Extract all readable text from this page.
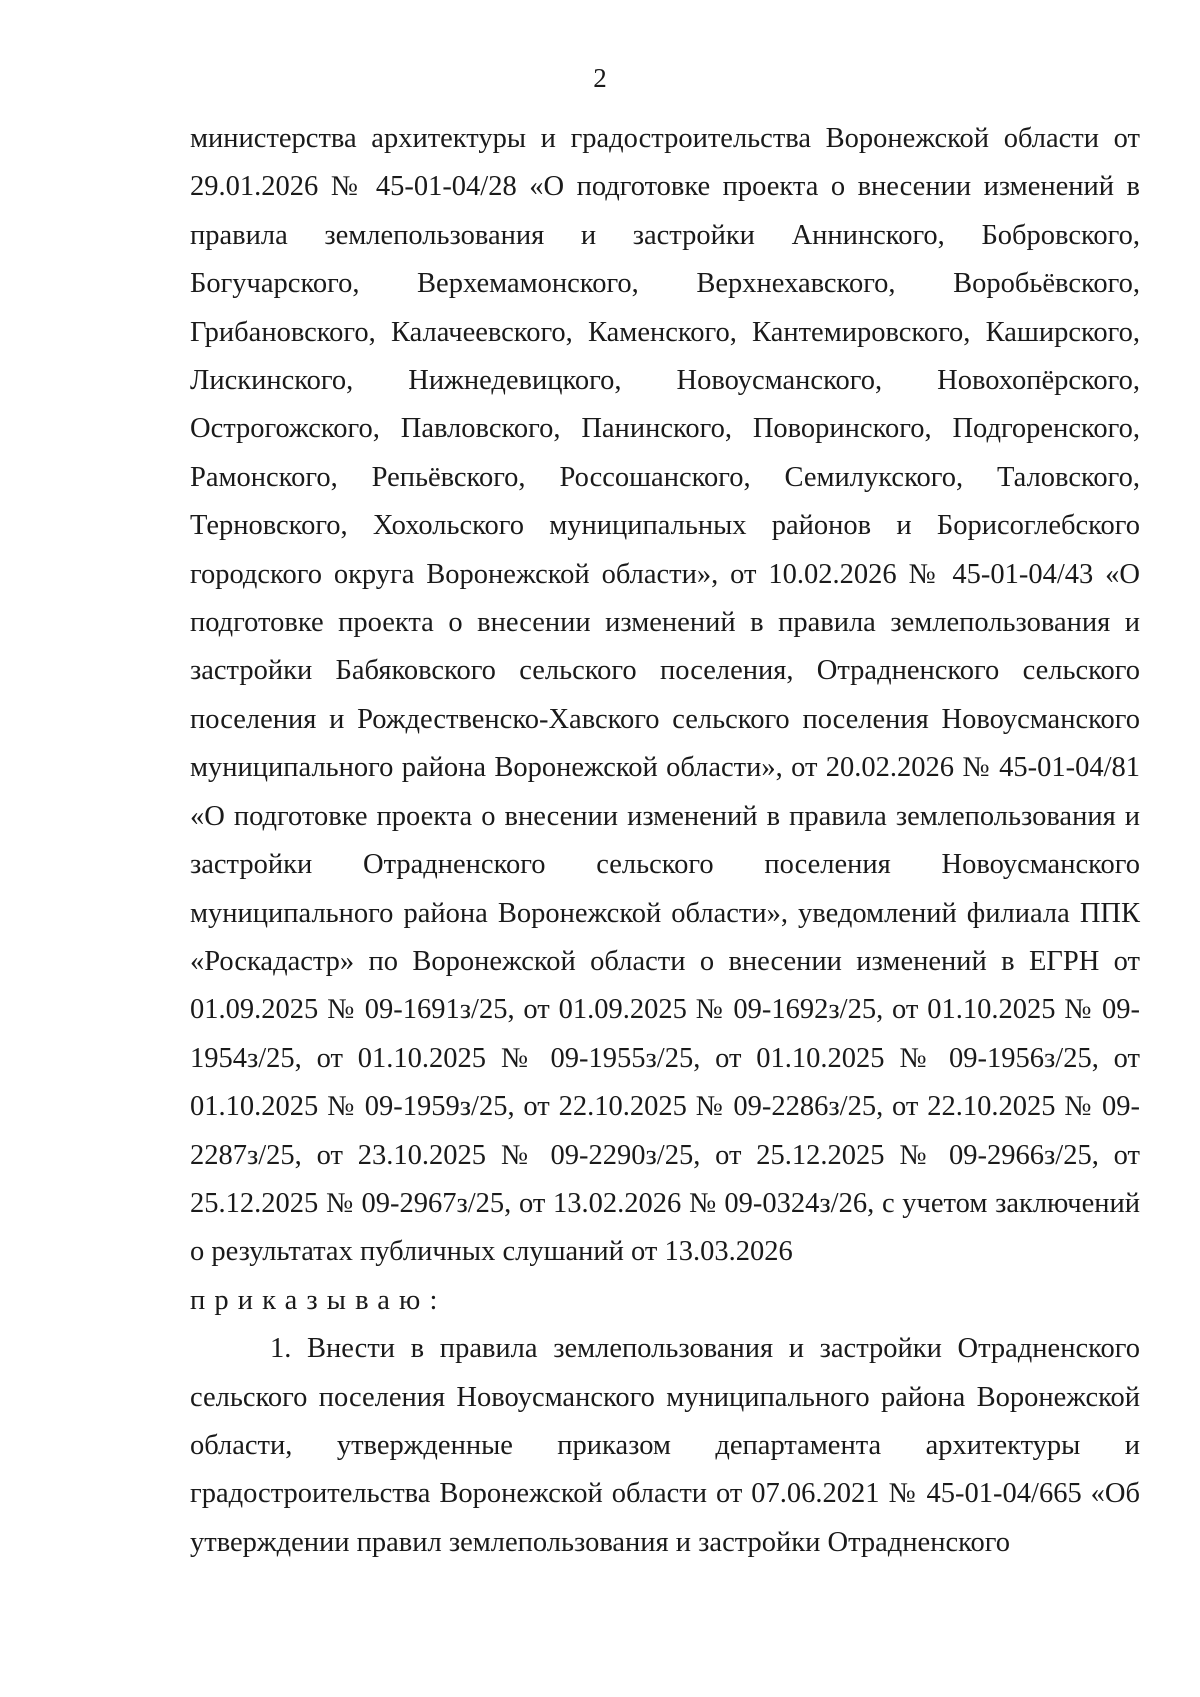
2

министерства архитектуры и градостроительства Воронежской области от 29.01.2026 № 45-01-04/28 «О подготовке проекта о внесении изменений в правила землепользования и застройки Аннинского, Бобровского, Богучарского, Верхемамонского, Верхнехавского, Воробьёвского, Грибановского, Калачеевского, Каменского, Кантемировского, Каширского, Лискинского, Нижнедевицкого, Новоусманского, Новохопёрского, Острогожского, Павловского, Панинского, Поворинского, Подгоренского, Рамонского, Репьёвского, Россошанского, Семилукского, Таловского, Терновского, Хохольского муниципальных районов и Борисоглебского городского округа Воронежской области», от 10.02.2026 № 45-01-04/43 «О подготовке проекта о внесении изменений в правила землепользования и застройки Бабяковского сельского поселения, Отрадненского сельского поселения и Рождественско-Хавского сельского поселения Новоусманского муниципального района Воронежской области», от 20.02.2026 № 45-01-04/81 «О подготовке проекта о внесении изменений в правила землепользования и застройки Отрадненского сельского поселения Новоусманского муниципального района Воронежской области», уведомлений филиала ППК «Роскадастр» по Воронежской области о внесении изменений в ЕГРН от 01.09.2025 № 09-1691з/25, от 01.09.2025 № 09-1692з/25, от 01.10.2025 № 09-1954з/25, от 01.10.2025 № 09-1955з/25, от 01.10.2025 № 09-1956з/25, от 01.10.2025 № 09-1959з/25, от 22.10.2025 № 09-2286з/25, от 22.10.2025 № 09-2287з/25, от 23.10.2025 № 09-2290з/25, от 25.12.2025 № 09-2966з/25, от 25.12.2025 № 09-2967з/25, от 13.02.2026 № 09-0324з/26, с учетом заключений о результатах публичных слушаний от 13.03.2026

приказываю:

1. Внести в правила землепользования и застройки Отрадненского сельского поселения Новоусманского муниципального района Воронежской области, утвержденные приказом департамента архитектуры и градостроительства Воронежской области от 07.06.2021 № 45-01-04/665 «Об утверждении правил землепользования и застройки Отрадненского
